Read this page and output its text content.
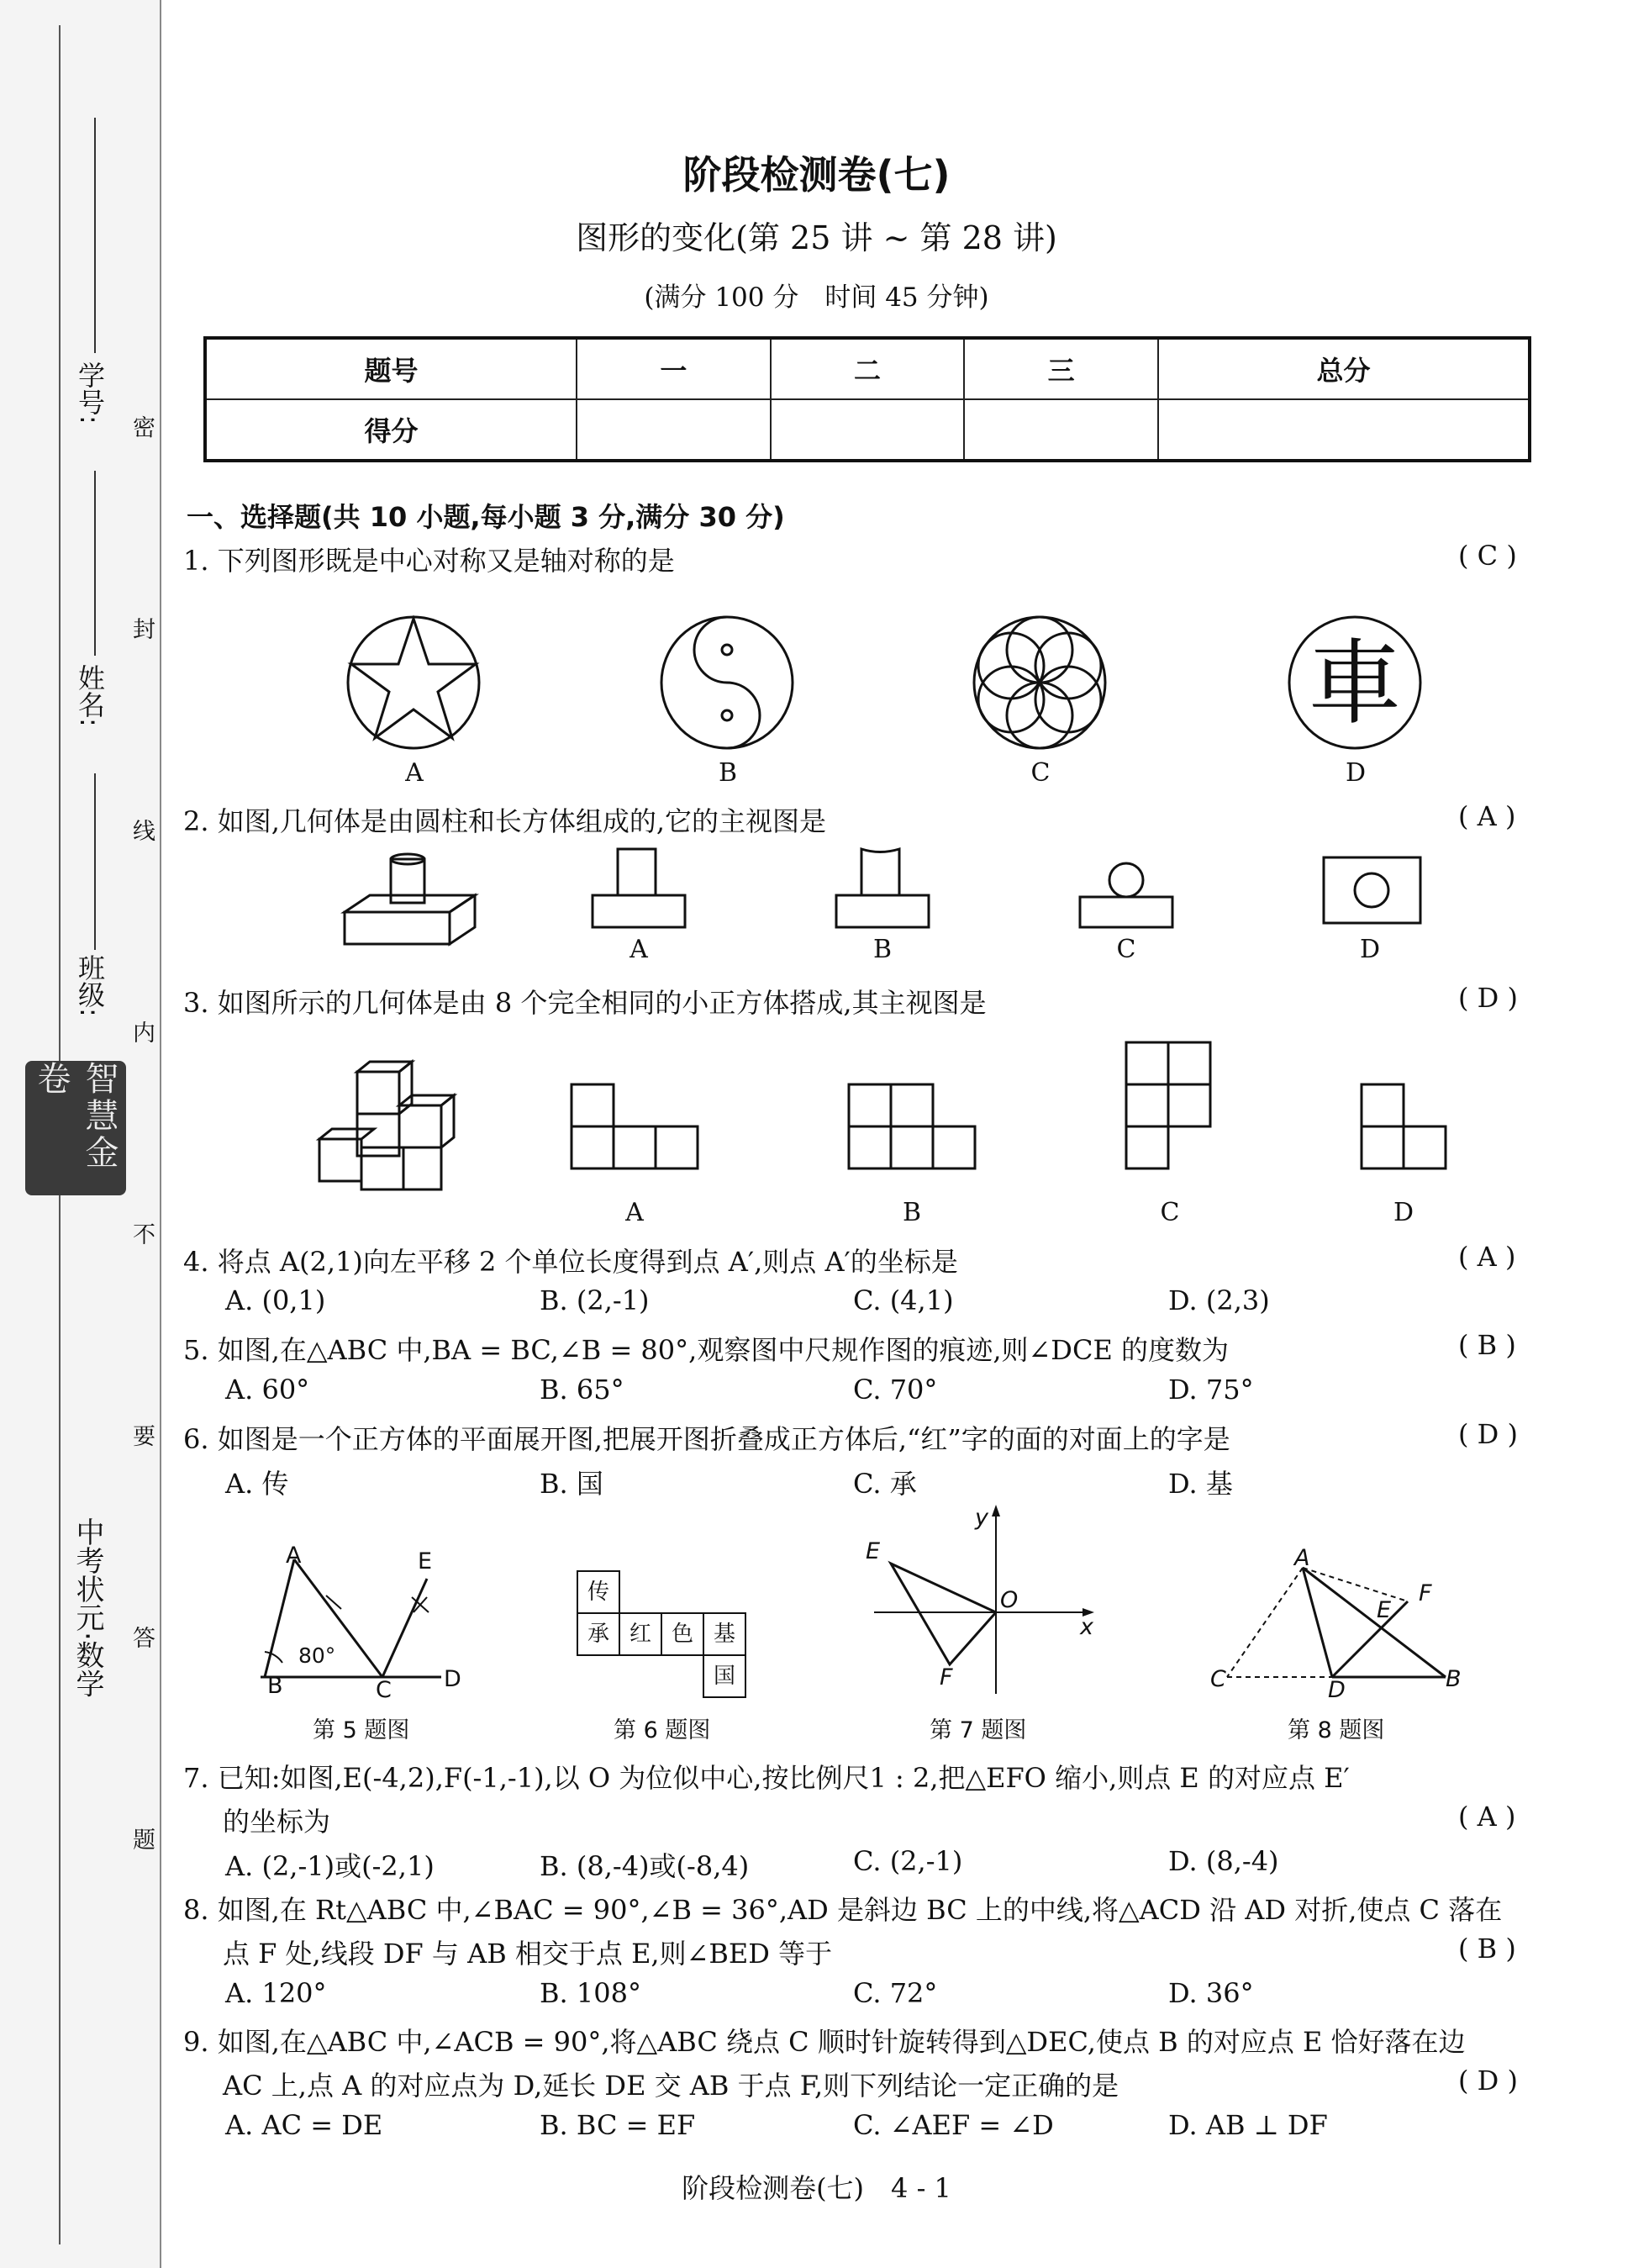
学号:
姓名:
班级:
智慧金卷
中考状元·数学
密
封
线
内
不
要
答
题
阶段检测卷(七)
图形的变化(第 25 讲 ~ 第 28 讲)
(满分 100 分　时间 45 分钟)
题号	一	二	三	总分
得分				
一、选择题(共 10 小题,每小题 3 分,满分 30 分)
1. 下列图形既是中心对称又是轴对称的是	( C )
車
A	B	C	D
2. 如图,几何体是由圆柱和长方体组成的,它的主视图是	( A )
A	B	C	D
3. 如图所示的几何体是由 8 个完全相同的小正方体搭成,其主视图是	( D )
A	B	C	D
4. 将点 A(2,1)向左平移 2 个单位长度得到点 A′,则点 A′的坐标是	( A )
A. (0,1)	B. (2,-1)	C. (4,1)	D. (2,3)
5. 如图,在△ABC 中,BA = BC,∠B = 80°,观察图中尺规作图的痕迹,则∠DCE 的度数为	( B )
A. 60°	B. 65°	C. 70°	D. 75°
6. 如图是一个正方体的平面展开图,把展开图折叠成正方体后,“红”字的面的对面上的字是	( D )
A. 传	B. 国	C. 承	D. 基
A
B	C D
E
80°
第 5 题图
传
承 红 色 基
国
第 6 题图
y
x
E
O
F
第 7 题图
A
F
E
C	D	B
第 8 题图
7. 已知:如图,E(-4,2),F(-1,-1),以 O 为位似中心,按比例尺1 : 2,把△EFO 缩小,则点 E 的对应点 E′
的坐标为	( A )
A. (2,-1)或(-2,1)	B. (8,-4)或(-8,4)	C. (2,-1)	D. (8,-4)
8. 如图,在 Rt△ABC 中,∠BAC = 90°,∠B = 36°,AD 是斜边 BC 上的中线,将△ACD 沿 AD 对折,使点 C 落在
点 F 处,线段 DF 与 AB 相交于点 E,则∠BED 等于	( B )
A. 120°	B. 108°	C. 72°	D. 36°
9. 如图,在△ABC 中,∠ACB = 90°,将△ABC 绕点 C 顺时针旋转得到△DEC,使点 B 的对应点 E 恰好落在边
AC 上,点 A 的对应点为 D,延长 DE 交 AB 于点 F,则下列结论一定正确的是	( D )
A. AC = DE	B. BC = EF	C. ∠AEF = ∠D	D. AB ⊥ DF
阶段检测卷(七)　4 - 1
